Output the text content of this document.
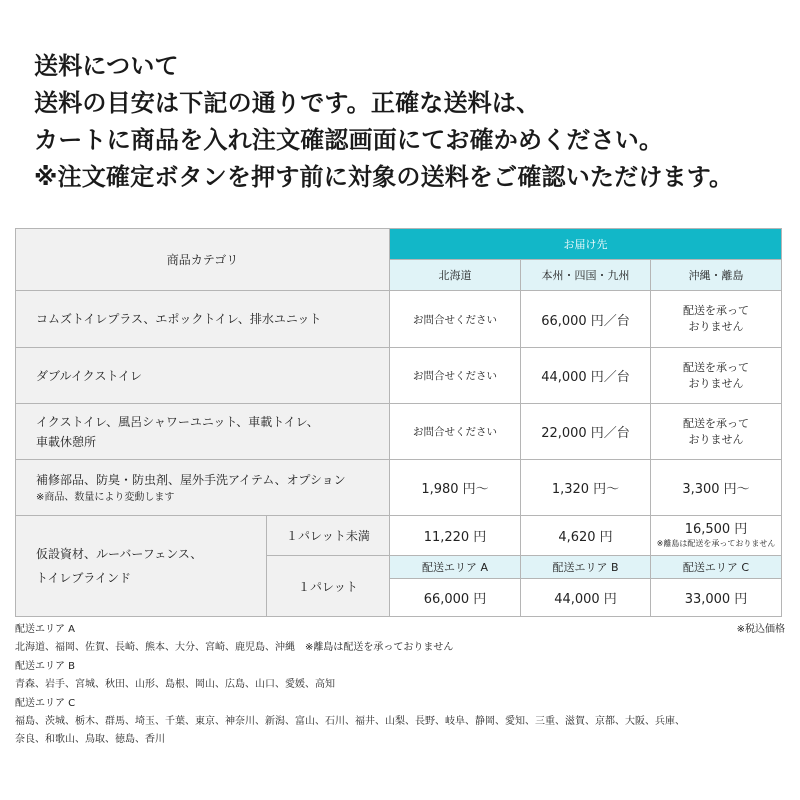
送料について
送料の目安は下記の通りです。正確な送料は、
カートに商品を入れ注文確認画面にてお確かめください。
※注文確定ボタンを押す前に対象の送料をご確認いただけます。
商品カテゴリ		お届け先		
		北海道	本州・四国・九州	沖縄・離島
コムズトイレプラス、エポックトイレ、排水ユニット		お問合せください	66,000 円／台	配送を承って
おりません

ダブルイクストイレ		お問合せください	44,000 円／台	配送を承って
おりません

イクストイレ、風呂シャワーユニット、車載トイレ、
車載休憩所		お問合せください	22,000 円／台	配送を承って
おりません

補修部品、防臭・防虫剤、屋外手洗アイテム、オプション
※商品、数量により変動します		1,980 円〜	1,320 円〜	3,300 円〜

仮設資材、ルーバーフェンス、
トイレブラインド	１パレット未満	11,220 円	4,620 円	16,500 円
※離島は配送を承っておりません

	１パレット	配送エリア A	配送エリア B	配送エリア C
		66,000 円	44,000 円	33,000 円
※税込価格
配送エリア A
北海道、福岡、佐賀、長崎、熊本、大分、宮崎、鹿児島、沖縄　※離島は配送を承っておりません
配送エリア B
青森、岩手、宮城、秋田、山形、島根、岡山、広島、山口、愛媛、高知
配送エリア C
福島、茨城、栃木、群馬、埼玉、千葉、東京、神奈川、新潟、富山、石川、福井、山梨、長野、岐阜、静岡、愛知、三重、滋賀、京都、大阪、兵庫、
奈良、和歌山、鳥取、徳島、香川
